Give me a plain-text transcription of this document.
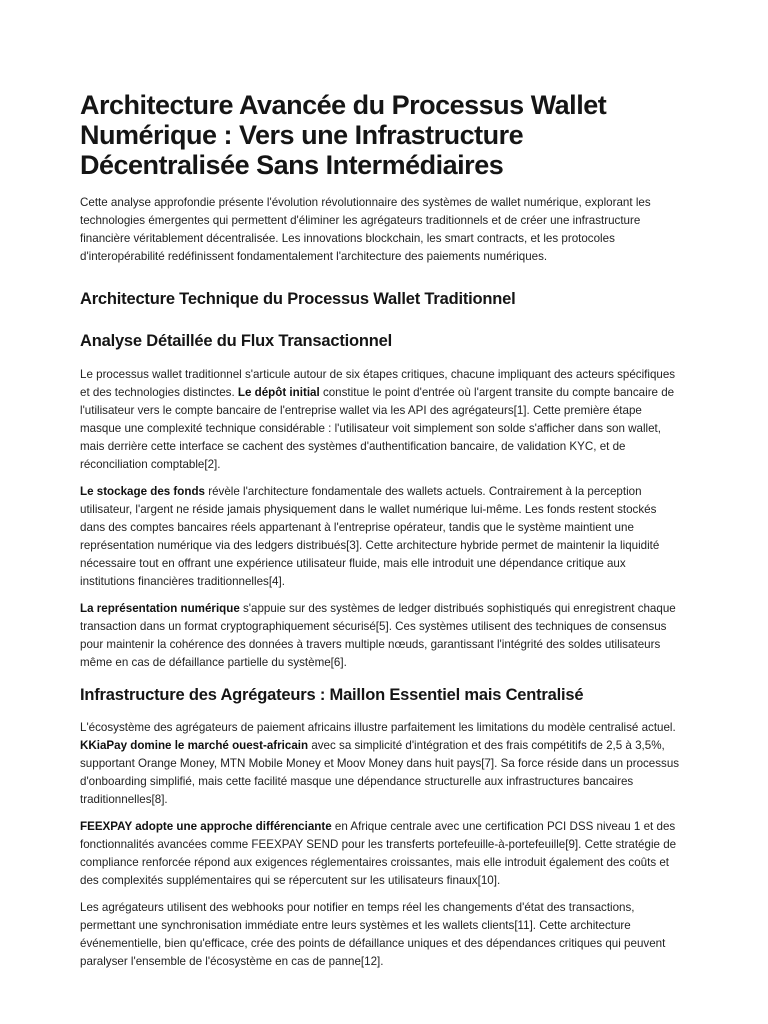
Architecture Avancée du Processus Wallet Numérique : Vers une Infrastructure Décentralisée Sans Intermédiaires

Cette analyse approfondie présente l'évolution révolutionnaire des systèmes de wallet numérique, explorant les technologies émergentes qui permettent d'éliminer les agrégateurs traditionnels et de créer une infrastructure financière véritablement décentralisée. Les innovations blockchain, les smart contracts, et les protocoles d'interopérabilité redéfinissent fondamentalement l'architecture des paiements numériques.

Architecture Technique du Processus Wallet Traditionnel
Analyse Détaillée du Flux Transactionnel

Le processus wallet traditionnel s'articule autour de six étapes critiques, chacune impliquant des acteurs spécifiques et des technologies distinctes. Le dépôt initial constitue le point d'entrée où l'argent transite du compte bancaire de l'utilisateur vers le compte bancaire de l'entreprise wallet via les API des agrégateurs[1]. Cette première étape masque une complexité technique considérable : l'utilisateur voit simplement son solde s'afficher dans son wallet, mais derrière cette interface se cachent des systèmes d'authentification bancaire, de validation KYC, et de réconciliation comptable[2].

Le stockage des fonds révèle l'architecture fondamentale des wallets actuels. Contrairement à la perception utilisateur, l'argent ne réside jamais physiquement dans le wallet numérique lui-même. Les fonds restent stockés dans des comptes bancaires réels appartenant à l'entreprise opérateur, tandis que le système maintient une représentation numérique via des ledgers distribués[3]. Cette architecture hybride permet de maintenir la liquidité nécessaire tout en offrant une expérience utilisateur fluide, mais elle introduit une dépendance critique aux institutions financières traditionnelles[4].

La représentation numérique s'appuie sur des systèmes de ledger distribués sophistiqués qui enregistrent chaque transaction dans un format cryptographiquement sécurisé[5]. Ces systèmes utilisent des techniques de consensus pour maintenir la cohérence des données à travers multiple nœuds, garantissant l'intégrité des soldes utilisateurs même en cas de défaillance partielle du système[6].

Infrastructure des Agrégateurs : Maillon Essentiel mais Centralisé

L'écosystème des agrégateurs de paiement africains illustre parfaitement les limitations du modèle centralisé actuel. KKiaPay domine le marché ouest-africain avec sa simplicité d'intégration et des frais compétitifs de 2,5 à 3,5%, supportant Orange Money, MTN Mobile Money et Moov Money dans huit pays[7]. Sa force réside dans un processus d'onboarding simplifié, mais cette facilité masque une dépendance structurelle aux infrastructures bancaires traditionnelles[8].

FEEXPAY adopte une approche différenciante en Afrique centrale avec une certification PCI DSS niveau 1 et des fonctionnalités avancées comme FEEXPAY SEND pour les transferts portefeuille-à-portefeuille[9]. Cette stratégie de compliance renforcée répond aux exigences réglementaires croissantes, mais elle introduit également des coûts et des complexités supplémentaires qui se répercutent sur les utilisateurs finaux[10].

Les agrégateurs utilisent des webhooks pour notifier en temps réel les changements d'état des transactions, permettant une synchronisation immédiate entre leurs systèmes et les wallets clients[11]. Cette architecture événementielle, bien qu'efficace, crée des points de défaillance uniques et des dépendances critiques qui peuvent paralyser l'ensemble de l'écosystème en cas de panne[12].
